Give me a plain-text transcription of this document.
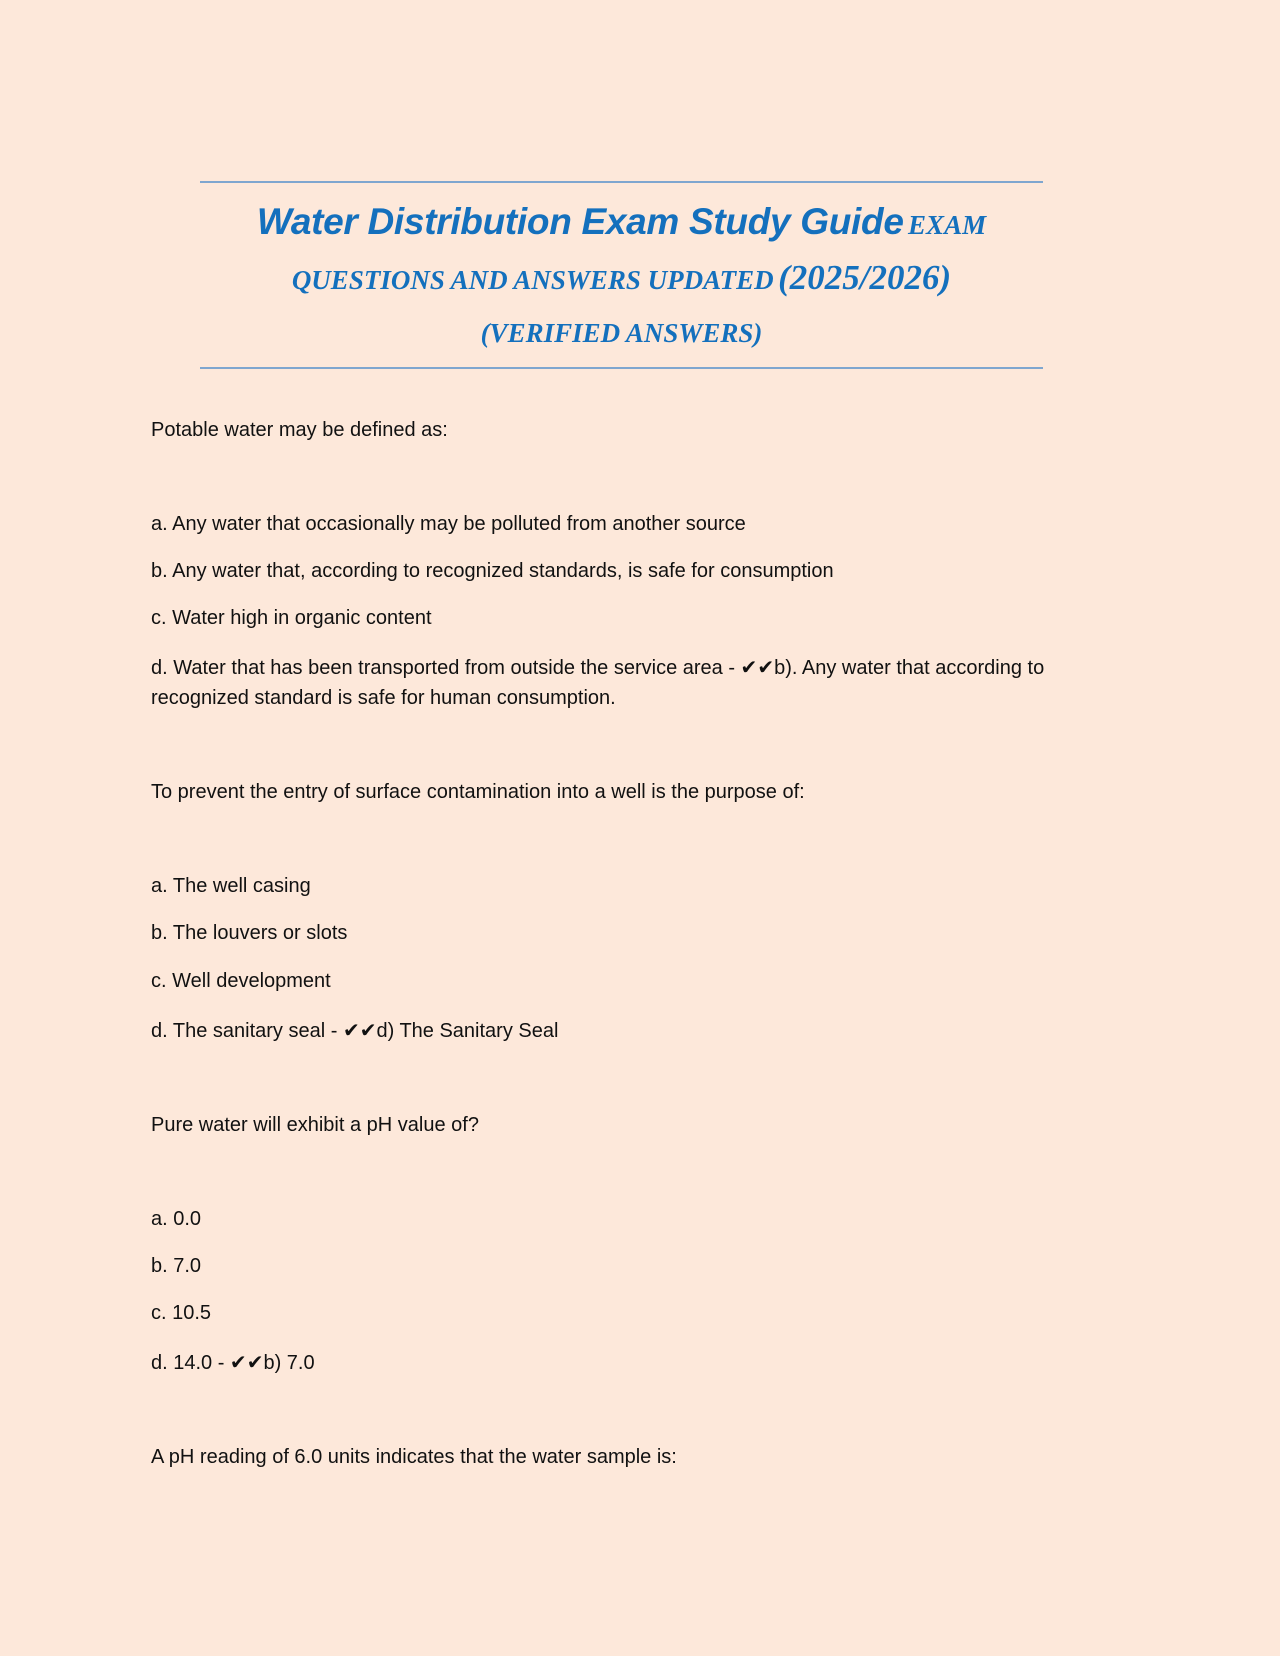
Water Distribution Exam Study Guide EXAM
QUESTIONS AND ANSWERS UPDATED (2025/2026)
(VERIFIED ANSWERS)
Potable water may be defined as:
a. Any water that occasionally may be polluted from another source
b. Any water that, according to recognized standards, is safe for consumption
c. Water high in organic content
d. Water that has been transported from outside the service area - ✔✔b). Any water that according to recognized standard is safe for human consumption.
To prevent the entry of surface contamination into a well is the purpose of:
a. The well casing
b. The louvers or slots
c. Well development
d. The sanitary seal - ✔✔d) The Sanitary Seal
Pure water will exhibit a pH value of?
a. 0.0
b. 7.0
c. 10.5
d. 14.0 - ✔✔b) 7.0
A pH reading of 6.0 units indicates that the water sample is:
